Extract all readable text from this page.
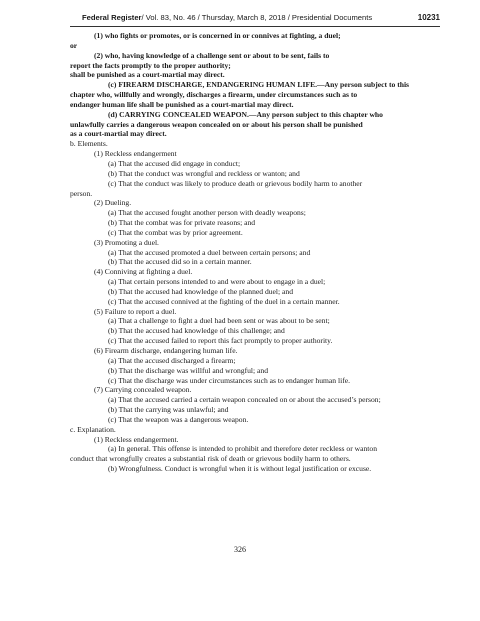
Federal Register/ Vol. 83, No. 46 / Thursday, March 8, 2018 / Presidential Documents	10231

(1) who fights or promotes, or is concerned in or connives at fighting, a duel;

or

(2) who, having knowledge of a challenge sent or about to be sent, fails to

report the facts promptly to the proper authority;

shall be punished as a court-martial may direct.

(c) FIREARM DISCHARGE, ENDANGERING HUMAN LIFE.—Any person subject to this

chapter who, willfully and wrongly, discharges a firearm, under circumstances such as to

endanger human life shall be punished as a court-martial may direct.

(d) CARRYING CONCEALED WEAPON.—Any person subject to this chapter who

unlawfully carries a dangerous weapon concealed on or about his person shall be punished

as a court-martial may direct.

b. Elements.

(1) Reckless endangerment

(a) That the accused did engage in conduct;

(b) That the conduct was wrongful and reckless or wanton; and

(c) That the conduct was likely to produce death or grievous bodily harm to another

person.

(2) Dueling.

(a) That the accused fought another person with deadly weapons;

(b) That the combat was for private reasons; and

(c) That the combat was by prior agreement.

(3) Promoting a duel.

(a) That the accused promoted a duel between certain persons; and

(b) That the accused did so in a certain manner.

(4) Conniving at fighting a duel.

(a) That certain persons intended to and were about to engage in a duel;

(b) That the accused had knowledge of the planned duel; and

(c) That the accused connived at the fighting of the duel in a certain manner.

(5) Failure to report a duel.

(a) That a challenge to fight a duel had been sent or was about to be sent;

(b) That the accused had knowledge of this challenge; and

(c) That the accused failed to report this fact promptly to proper authority.

(6) Firearm discharge, endangering human life.

(a) That the accused discharged a firearm;

(b) That the discharge was willful and wrongful; and

(c) That the discharge was under circumstances such as to endanger human life.

(7) Carrying concealed weapon.

(a) That the accused carried a certain weapon concealed on or about the accused’s person;

(b) That the carrying was unlawful; and

(c) That the weapon was a dangerous weapon.

c. Explanation.

(1) Reckless endangerment.

(a) In general. This offense is intended to prohibit and therefore deter reckless or wanton

conduct that wrongfully creates a substantial risk of death or grievous bodily harm to others.

(b) Wrongfulness. Conduct is wrongful when it is without legal justification or excuse.

326
